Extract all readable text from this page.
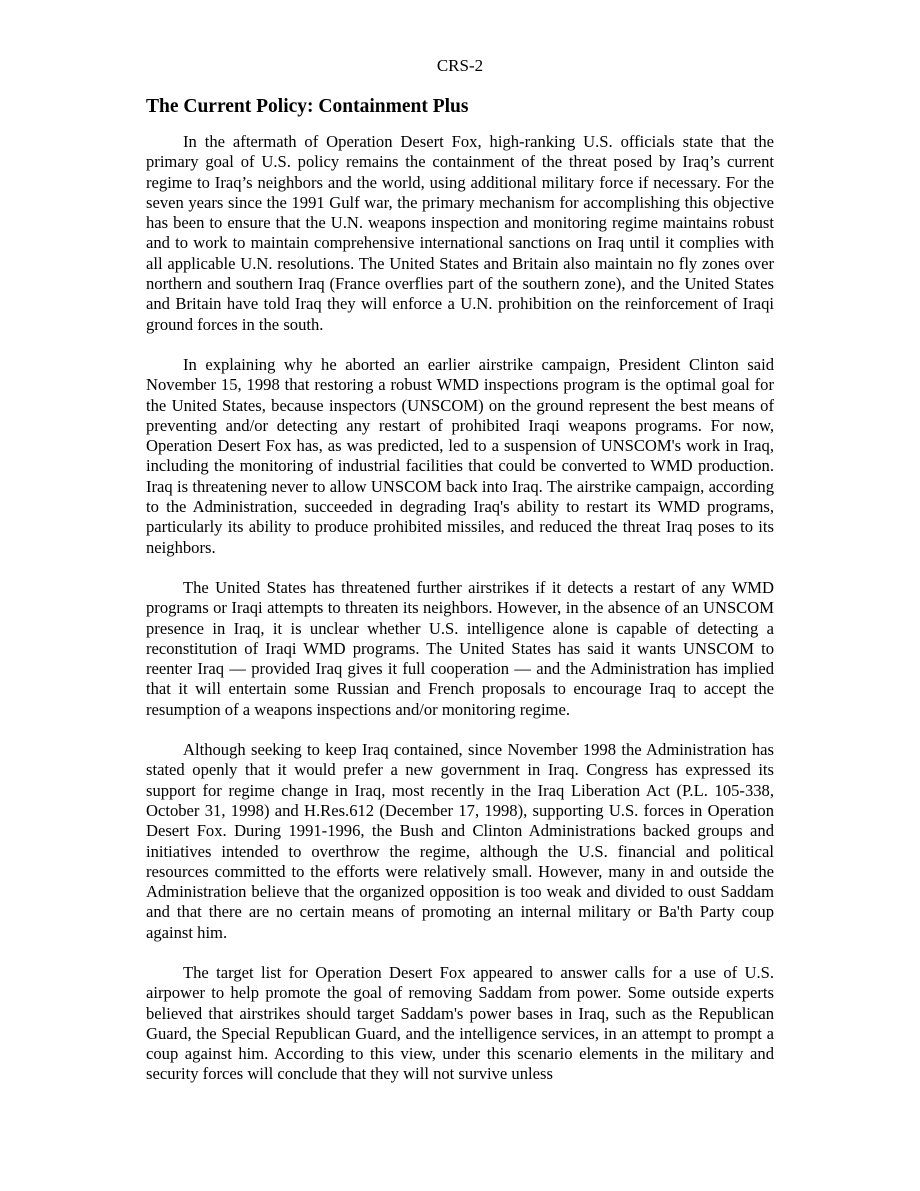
CRS-2
The Current Policy: Containment Plus

In the aftermath of Operation Desert Fox, high-ranking U.S. officials state that the primary goal of U.S. policy remains the containment of the threat posed by Iraq’s current regime to Iraq’s neighbors and the world, using additional military force if necessary. For the seven years since the 1991 Gulf war, the primary mechanism for accomplishing this objective has been to ensure that the U.N. weapons inspection and monitoring regime maintains robust and to work to maintain comprehensive international sanctions on Iraq until it complies with all applicable U.N. resolutions. The United States and Britain also maintain no fly zones over northern and southern Iraq (France overflies part of the southern zone), and the United States and Britain have told Iraq they will enforce a U.N. prohibition on the reinforcement of Iraqi ground forces in the south.

In explaining why he aborted an earlier airstrike campaign, President Clinton said November 15, 1998 that restoring a robust WMD inspections program is the optimal goal for the United States, because inspectors (UNSCOM) on the ground represent the best means of preventing and/or detecting any restart of prohibited Iraqi weapons programs. For now, Operation Desert Fox has, as was predicted, led to a suspension of UNSCOM's work in Iraq, including the monitoring of industrial facilities that could be converted to WMD production. Iraq is threatening never to allow UNSCOM back into Iraq. The airstrike campaign, according to the Administration, succeeded in degrading Iraq's ability to restart its WMD programs, particularly its ability to produce prohibited missiles, and reduced the threat Iraq poses to its neighbors.

The United States has threatened further airstrikes if it detects a restart of any WMD programs or Iraqi attempts to threaten its neighbors. However, in the absence of an UNSCOM presence in Iraq, it is unclear whether U.S. intelligence alone is capable of detecting a reconstitution of Iraqi WMD programs. The United States has said it wants UNSCOM to reenter Iraq — provided Iraq gives it full cooperation — and the Administration has implied that it will entertain some Russian and French proposals to encourage Iraq to accept the resumption of a weapons inspections and/or monitoring regime.

Although seeking to keep Iraq contained, since November 1998 the Administration has stated openly that it would prefer a new government in Iraq. Congress has expressed its support for regime change in Iraq, most recently in the Iraq Liberation Act (P.L. 105-338, October 31, 1998) and H.Res.612 (December 17, 1998), supporting U.S. forces in Operation Desert Fox. During 1991-1996, the Bush and Clinton Administrations backed groups and initiatives intended to overthrow the regime, although the U.S. financial and political resources committed to the efforts were relatively small. However, many in and outside the Administration believe that the organized opposition is too weak and divided to oust Saddam and that there are no certain means of promoting an internal military or Ba'th Party coup against him.

The target list for Operation Desert Fox appeared to answer calls for a use of U.S. airpower to help promote the goal of removing Saddam from power. Some outside experts believed that airstrikes should target Saddam's power bases in Iraq, such as the Republican Guard, the Special Republican Guard, and the intelligence services, in an attempt to prompt a coup against him. According to this view, under this scenario elements in the military and security forces will conclude that they will not survive unless
